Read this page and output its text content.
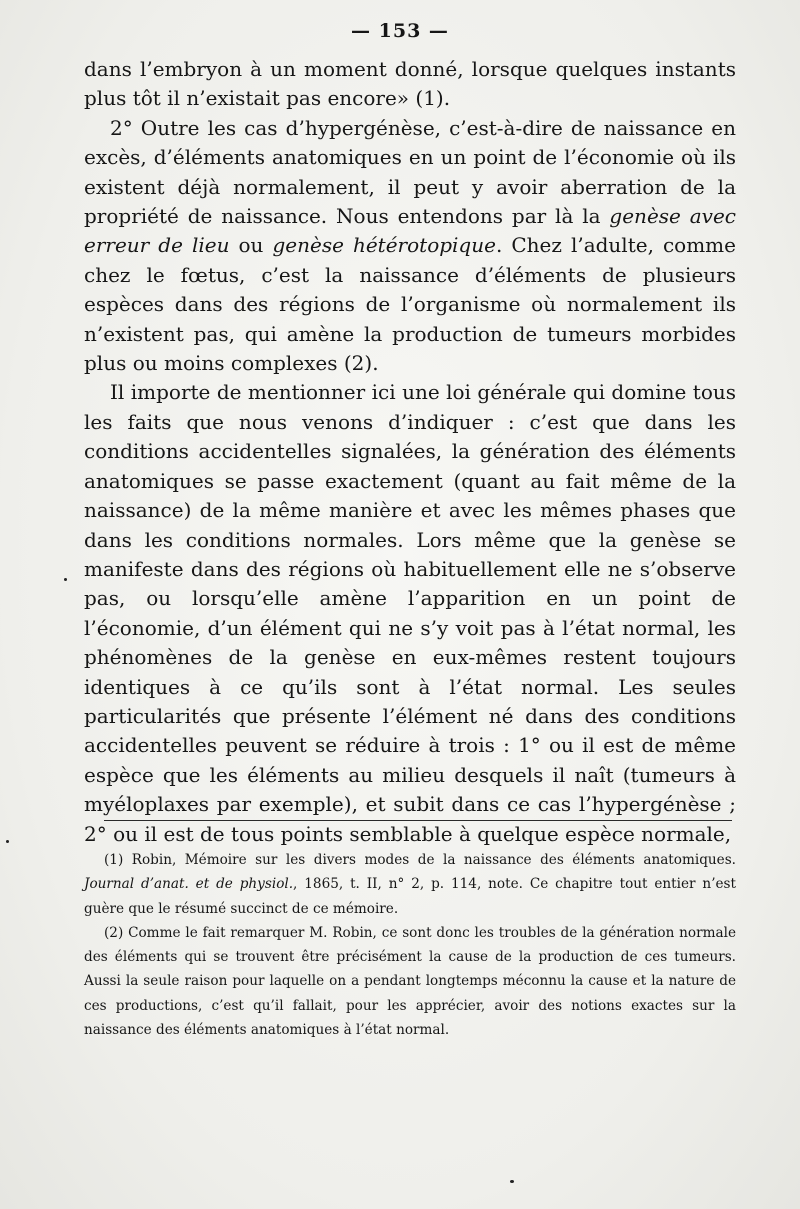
— 153 —

dans l’embryon à un moment donné, lorsque quelques instants plus tôt il n’existait pas encore» (1).

2° Outre les cas d’hypergénèse, c’est-à-dire de naissance en excès, d’éléments anatomiques en un point de l’économie où ils existent déjà normalement, il peut y avoir aberration de la propriété de naissance. Nous entendons par là la genèse avec erreur de lieu ou genèse hétérotopique. Chez l’adulte, comme chez le fœtus, c’est la naissance d’éléments de plusieurs espèces dans des régions de l’organisme où normalement ils n’existent pas, qui amène la production de tumeurs morbides plus ou moins complexes (2).

Il importe de mentionner ici une loi générale qui domine tous les faits que nous venons d’indiquer : c’est que dans les conditions accidentelles signalées, la génération des éléments anatomiques se passe exactement (quant au fait même de la naissance) de la même manière et avec les mêmes phases que dans les conditions normales. Lors même que la genèse se manifeste dans des régions où habituellement elle ne s’observe pas, ou lorsqu’elle amène l’apparition en un point de l’économie, d’un élément qui ne s’y voit pas à l’état normal, les phénomènes de la genèse en eux-mêmes restent toujours identiques à ce qu’ils sont à l’état normal. Les seules particularités que présente l’élément né dans des conditions accidentelles peuvent se réduire à trois : 1° ou il est de même espèce que les éléments au milieu desquels il naît (tumeurs à myéloplaxes par exemple), et subit dans ce cas l’hypergénèse ; 2° ou il est de tous points semblable à quelque espèce normale,

(1) Robin, Mémoire sur les divers modes de la naissance des éléments anatomiques. Journal d’anat. et de physiol., 1865, t. II, n° 2, p. 114, note. Ce chapitre tout entier n’est guère que le résumé succinct de ce mémoire.

(2) Comme le fait remarquer M. Robin, ce sont donc les troubles de la génération normale des éléments qui se trouvent être précisément la cause de la production de ces tumeurs. Aussi la seule raison pour laquelle on a pendant longtemps méconnu la cause et la nature de ces productions, c’est qu’il fallait, pour les apprécier, avoir des notions exactes sur la naissance des éléments anatomiques à l’état normal.
